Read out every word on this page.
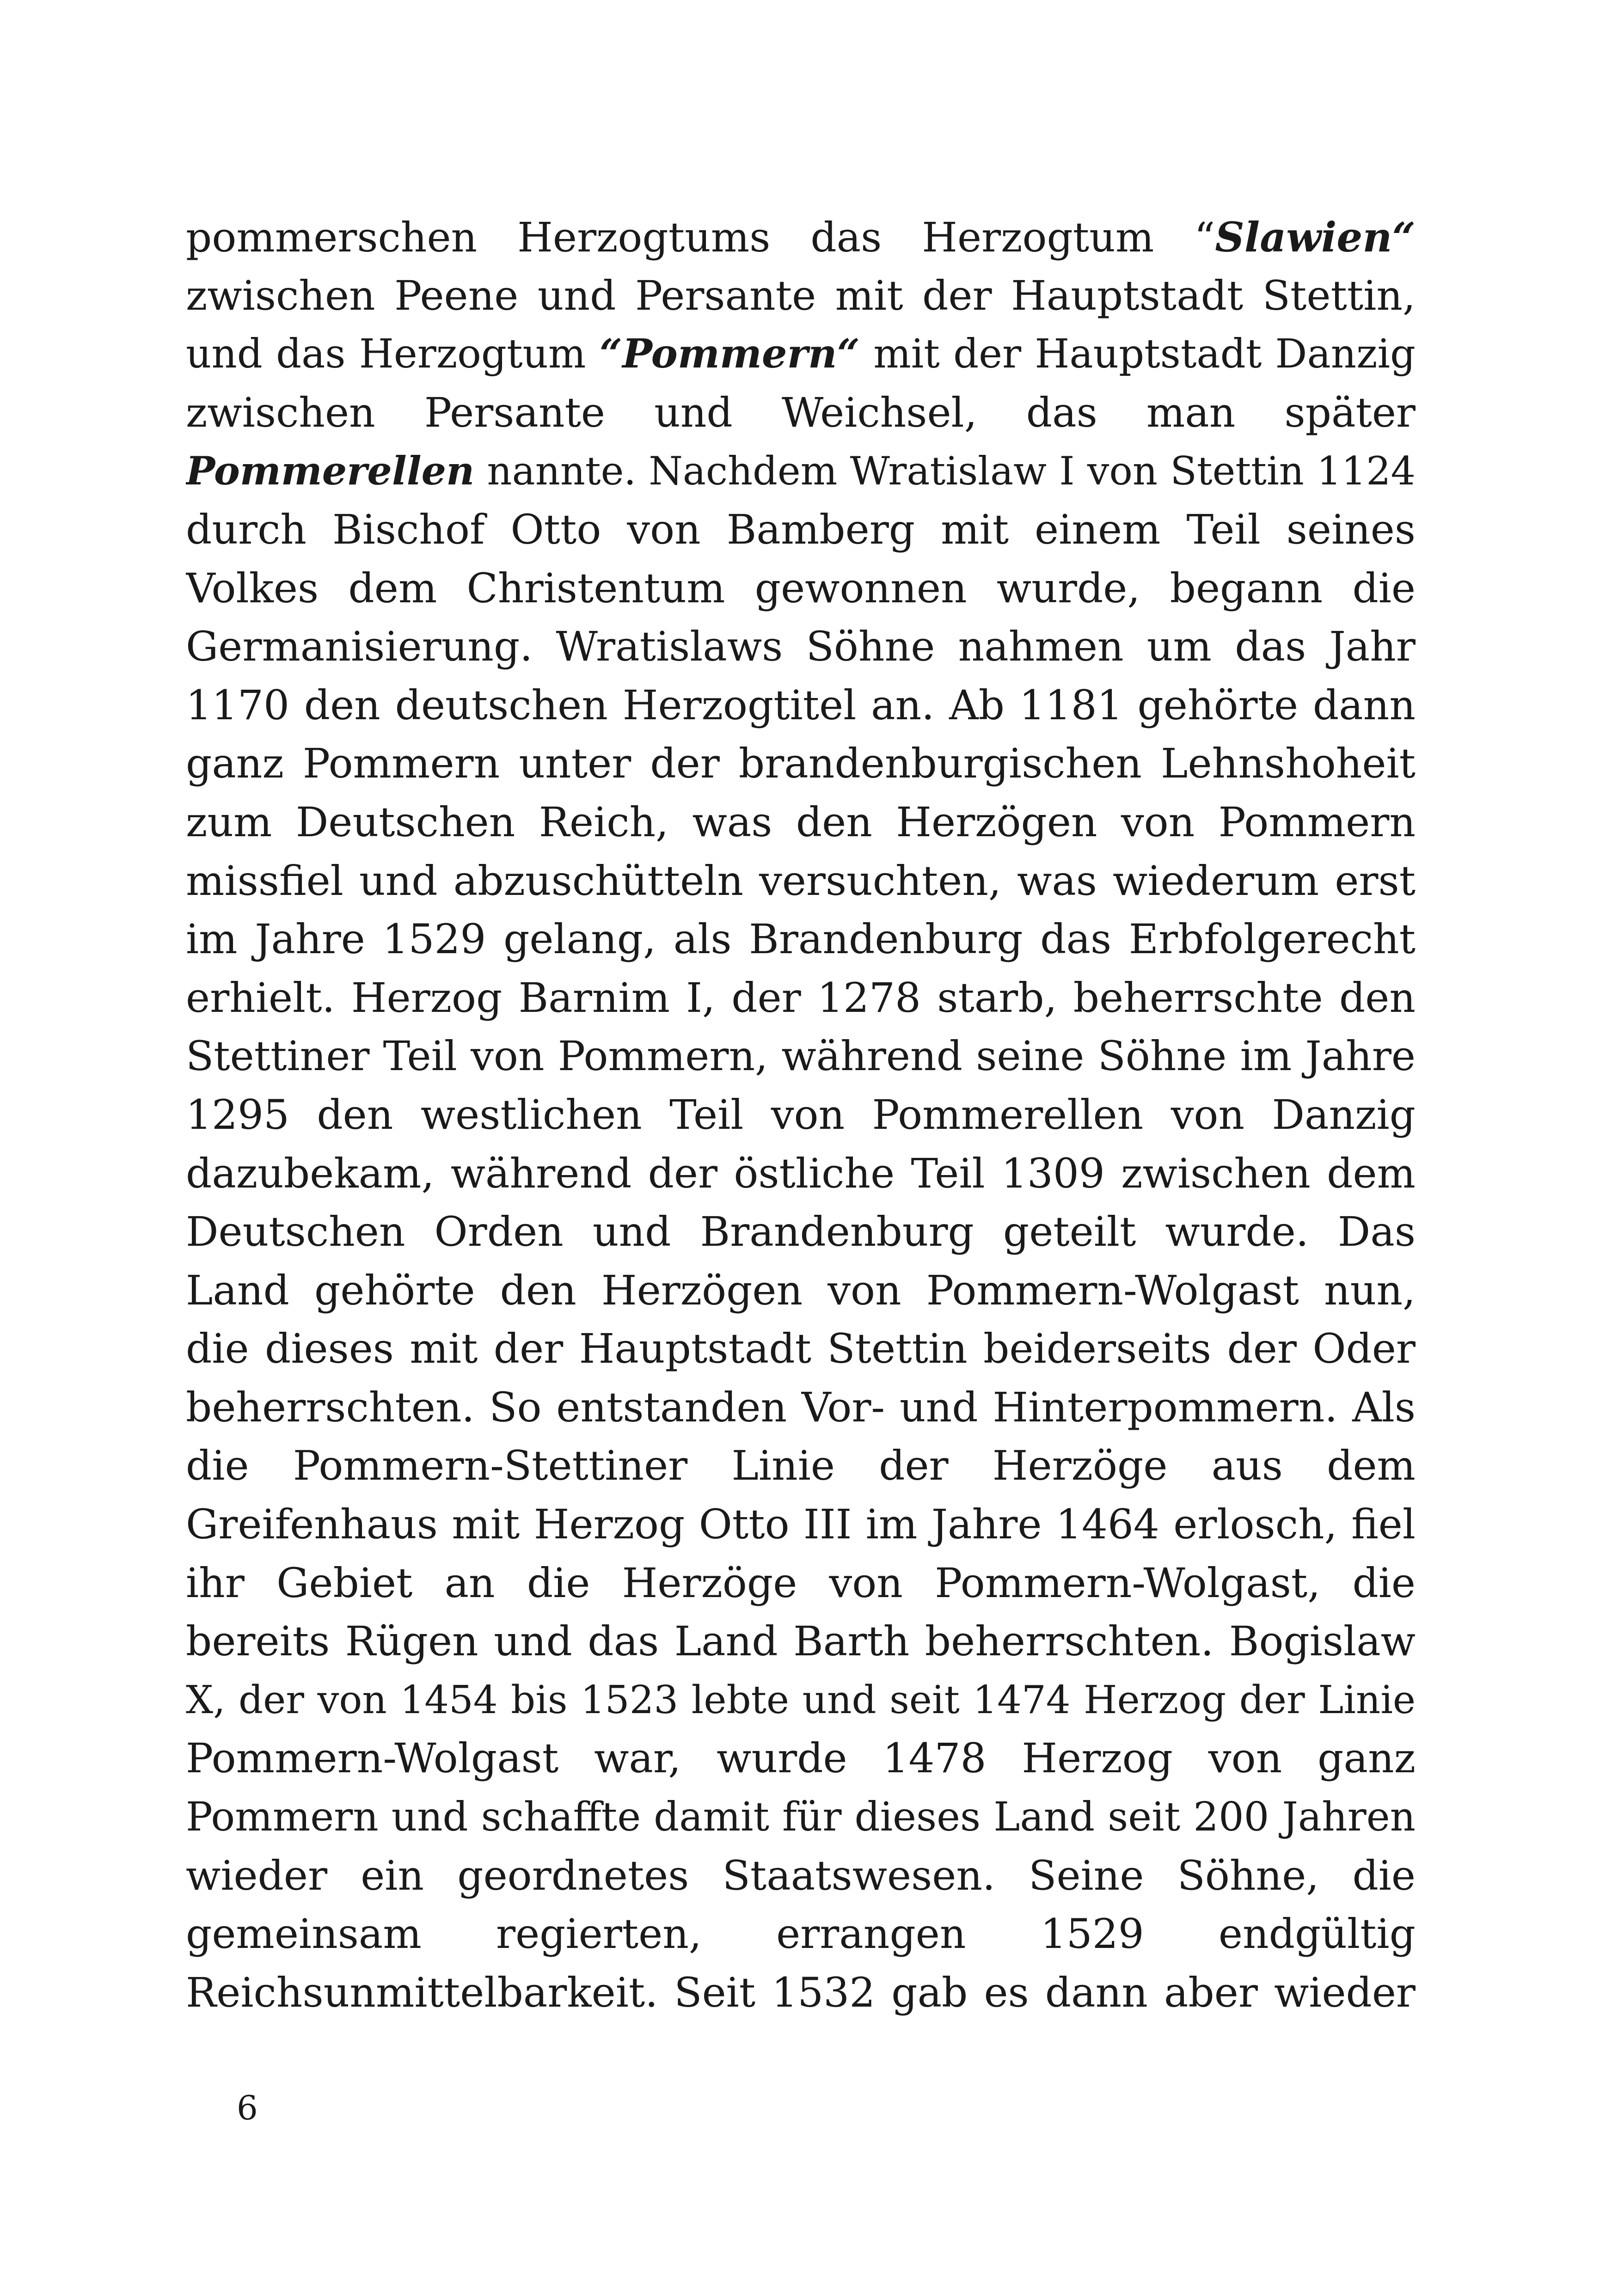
pommerschen Herzogtums das Herzogtum “Slawien“
zwischen Peene und Persante mit der Hauptstadt Stettin,
und das Herzogtum “Pommern“ mit der Hauptstadt Danzig
zwischen Persante und Weichsel, das man später
Pommerellen nannte. Nachdem Wratislaw I von Stettin 1124
durch Bischof Otto von Bamberg mit einem Teil seines
Volkes dem Christentum gewonnen wurde, begann die
Germanisierung. Wratislaws Söhne nahmen um das Jahr
1170 den deutschen Herzogtitel an. Ab 1181 gehörte dann
ganz Pommern unter der brandenburgischen Lehnshoheit
zum Deutschen Reich, was den Herzögen von Pommern
missfiel und abzuschütteln versuchten, was wiederum erst
im Jahre 1529 gelang, als Brandenburg das Erbfolgerecht
erhielt. Herzog Barnim I, der 1278 starb, beherrschte den
Stettiner Teil von Pommern, während seine Söhne im Jahre
1295 den westlichen Teil von Pommerellen von Danzig
dazubekam, während der östliche Teil 1309 zwischen dem
Deutschen Orden und Brandenburg geteilt wurde. Das
Land gehörte den Herzögen von Pommern-Wolgast nun,
die dieses mit der Hauptstadt Stettin beiderseits der Oder
beherrschten. So entstanden Vor- und Hinterpommern. Als
die Pommern-Stettiner Linie der Herzöge aus dem
Greifenhaus mit Herzog Otto III im Jahre 1464 erlosch, fiel
ihr Gebiet an die Herzöge von Pommern-Wolgast, die
bereits Rügen und das Land Barth beherrschten. Bogislaw
X, der von 1454 bis 1523 lebte und seit 1474 Herzog der Linie
Pommern-Wolgast war, wurde 1478 Herzog von ganz
Pommern und schaffte damit für dieses Land seit 200 Jahren
wieder ein geordnetes Staatswesen. Seine Söhne, die
gemeinsam regierten, errangen 1529 endgültig
Reichsunmittelbarkeit. Seit 1532 gab es dann aber wieder
6
